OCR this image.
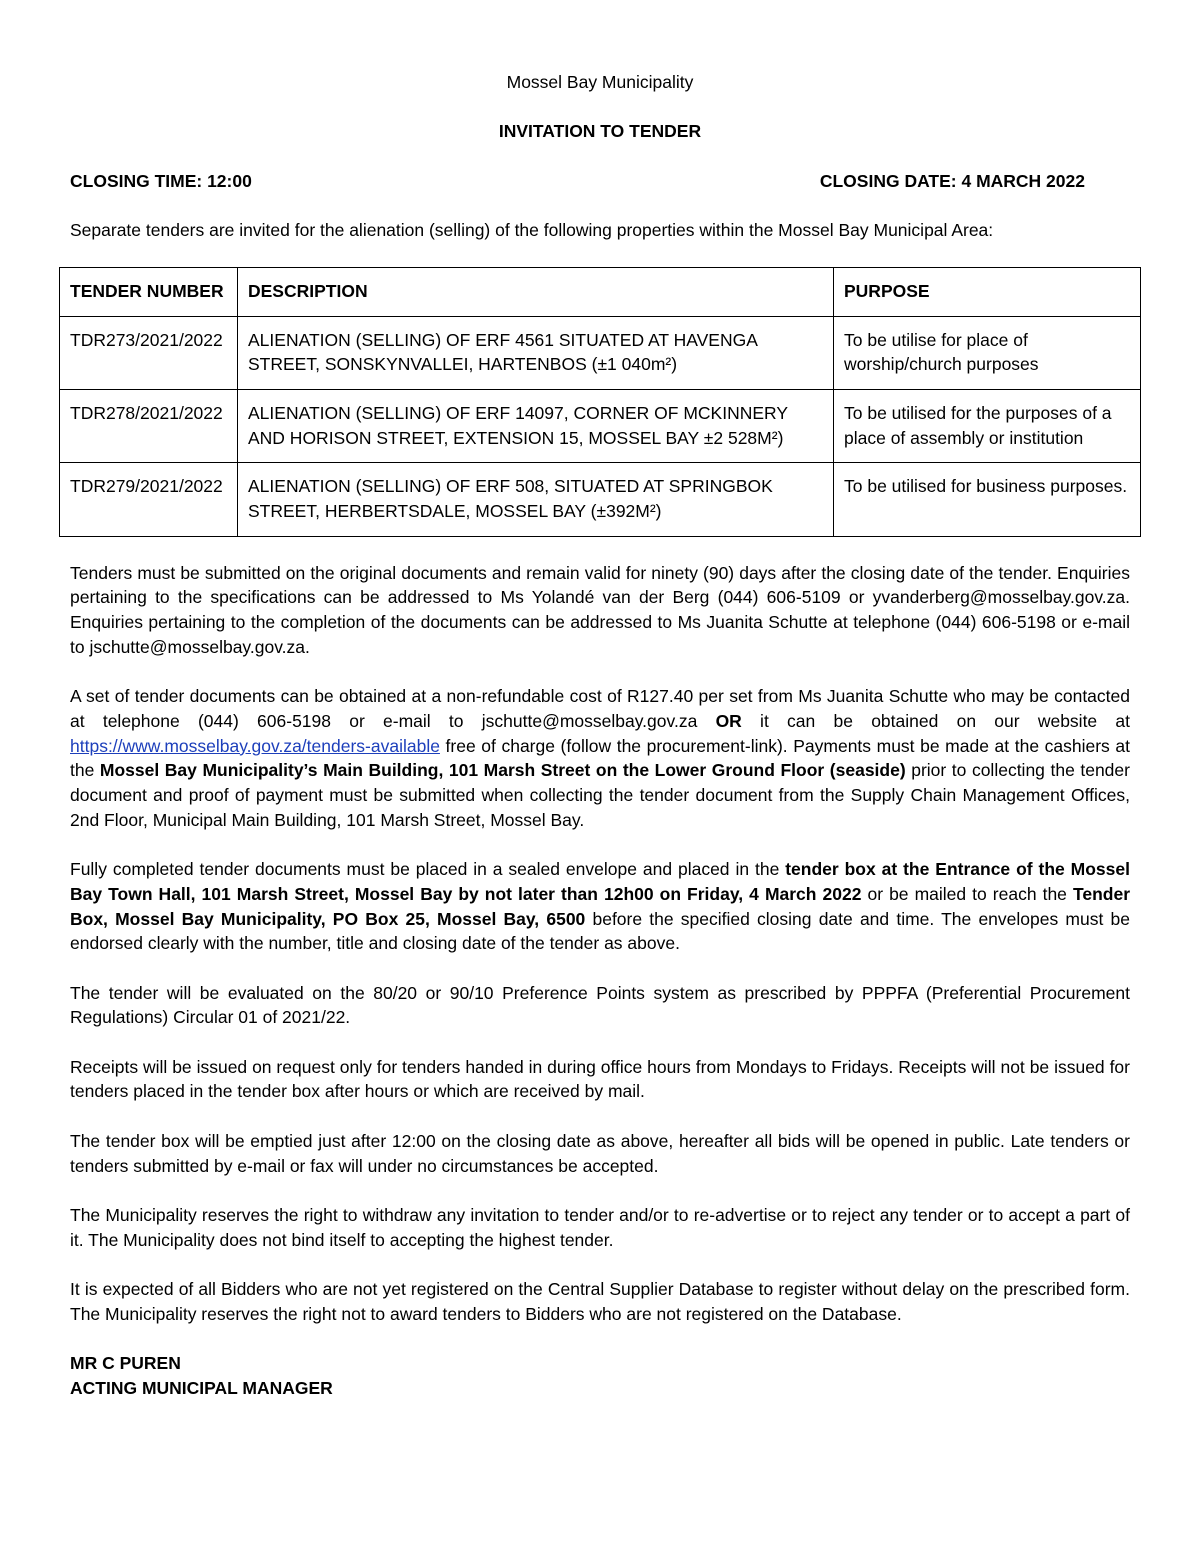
Mossel Bay Municipality
INVITATION TO TENDER
CLOSING TIME: 12:00	CLOSING DATE: 4 MARCH 2022
Separate tenders are invited for the alienation (selling) of the following properties within the Mossel Bay Municipal Area:
TENDER NUMBER	DESCRIPTION	PURPOSE
TDR273/2021/2022	ALIENATION (SELLING) OF ERF 4561 SITUATED AT HAVENGA STREET, SONSKYNVALLEI, HARTENBOS (±1 040m²)	To be utilise for place of worship/church purposes
TDR278/2021/2022	ALIENATION (SELLING) OF ERF 14097, CORNER OF MCKINNERY AND HORISON STREET, EXTENSION 15, MOSSEL BAY ±2 528M²)	To be utilised for the purposes of a place of assembly or institution
TDR279/2021/2022	ALIENATION (SELLING) OF ERF 508, SITUATED AT SPRINGBOK STREET, HERBERTSDALE, MOSSEL BAY (±392M²)	To be utilised for business purposes.

Tenders must be submitted on the original documents and remain valid for ninety (90) days after the closing date of the tender. Enquiries pertaining to the specifications can be addressed to Ms Yolandé van der Berg (044) 606-5109 or yvanderberg@mosselbay.gov.za. Enquiries pertaining to the completion of the documents can be addressed to Ms Juanita Schutte at telephone (044) 606-5198 or e-mail to jschutte@mosselbay.gov.za.

A set of tender documents can be obtained at a non-refundable cost of R127.40 per set from Ms Juanita Schutte who may be contacted at telephone (044) 606-5198 or e-mail to jschutte@mosselbay.gov.za OR it can be obtained on our website at https://www.mosselbay.gov.za/tenders-available free of charge (follow the procurement-link). Payments must be made at the cashiers at the Mossel Bay Municipality’s Main Building, 101 Marsh Street on the Lower Ground Floor (seaside) prior to collecting the tender document and proof of payment must be submitted when collecting the tender document from the Supply Chain Management Offices, 2nd Floor, Municipal Main Building, 101 Marsh Street, Mossel Bay.

Fully completed tender documents must be placed in a sealed envelope and placed in the tender box at the Entrance of the Mossel Bay Town Hall, 101 Marsh Street, Mossel Bay by not later than 12h00 on Friday, 4 March 2022 or be mailed to reach the Tender Box, Mossel Bay Municipality, PO Box 25, Mossel Bay, 6500 before the specified closing date and time. The envelopes must be endorsed clearly with the number, title and closing date of the tender as above.

The tender will be evaluated on the 80/20 or 90/10 Preference Points system as prescribed by PPPFA (Preferential Procurement Regulations) Circular 01 of 2021/22.

Receipts will be issued on request only for tenders handed in during office hours from Mondays to Fridays. Receipts will not be issued for tenders placed in the tender box after hours or which are received by mail.

The tender box will be emptied just after 12:00 on the closing date as above, hereafter all bids will be opened in public. Late tenders or tenders submitted by e-mail or fax will under no circumstances be accepted.

The Municipality reserves the right to withdraw any invitation to tender and/or to re-advertise or to reject any tender or to accept a part of it. The Municipality does not bind itself to accepting the highest tender.

It is expected of all Bidders who are not yet registered on the Central Supplier Database to register without delay on the prescribed form. The Municipality reserves the right not to award tenders to Bidders who are not registered on the Database.

MR C PUREN
ACTING MUNICIPAL MANAGER
